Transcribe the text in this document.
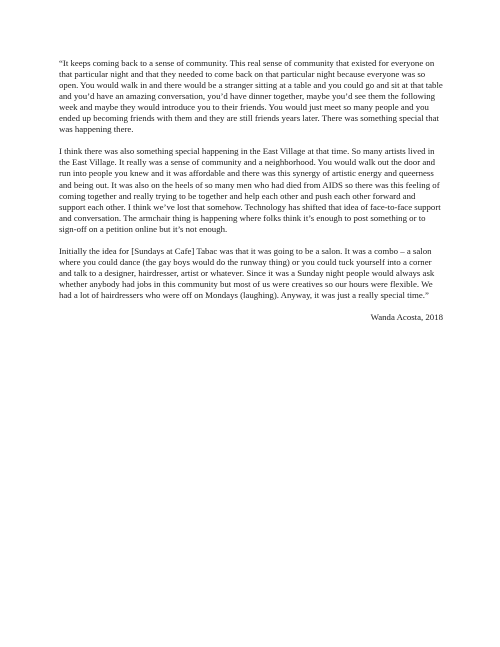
“It keeps coming back to a sense of community. This real sense of community that existed for everyone on that particular night and that they needed to come back on that particular night because everyone was so open. You would walk in and there would be a stranger sitting at a table and you could go and sit at that table and you’d have an amazing conversation, you’d have dinner together, maybe you’d see them the following week and maybe they would introduce you to their friends. You would just meet so many people and you ended up becoming friends with them and they are still friends years later. There was something special that was happening there.

I think there was also something special happening in the East Village at that time. So many artists lived in the East Village. It really was a sense of community and a neighborhood. You would walk out the door and run into people you knew and it was affordable and there was this synergy of artistic energy and queerness and being out. It was also on the heels of so many men who had died from AIDS so there was this feeling of coming together and really trying to be together and help each other and push each other forward and support each other. I think we’ve lost that somehow. Technology has shifted that idea of face-to-face support and conversation. The armchair thing is happening where folks think it’s enough to post something or to sign-off on a petition online but it’s not enough.

Initially the idea for [Sundays at Cafe] Tabac was that it was going to be a salon. It was a combo – a salon where you could dance (the gay boys would do the runway thing) or you could tuck yourself into a corner and talk to a designer, hairdresser, artist or whatever. Since it was a Sunday night people would always ask whether anybody had jobs in this community but most of us were creatives so our hours were flexible. We had a lot of hairdressers who were off on Mondays (laughing). Anyway, it was just a really special time.”

Wanda Acosta, 2018
